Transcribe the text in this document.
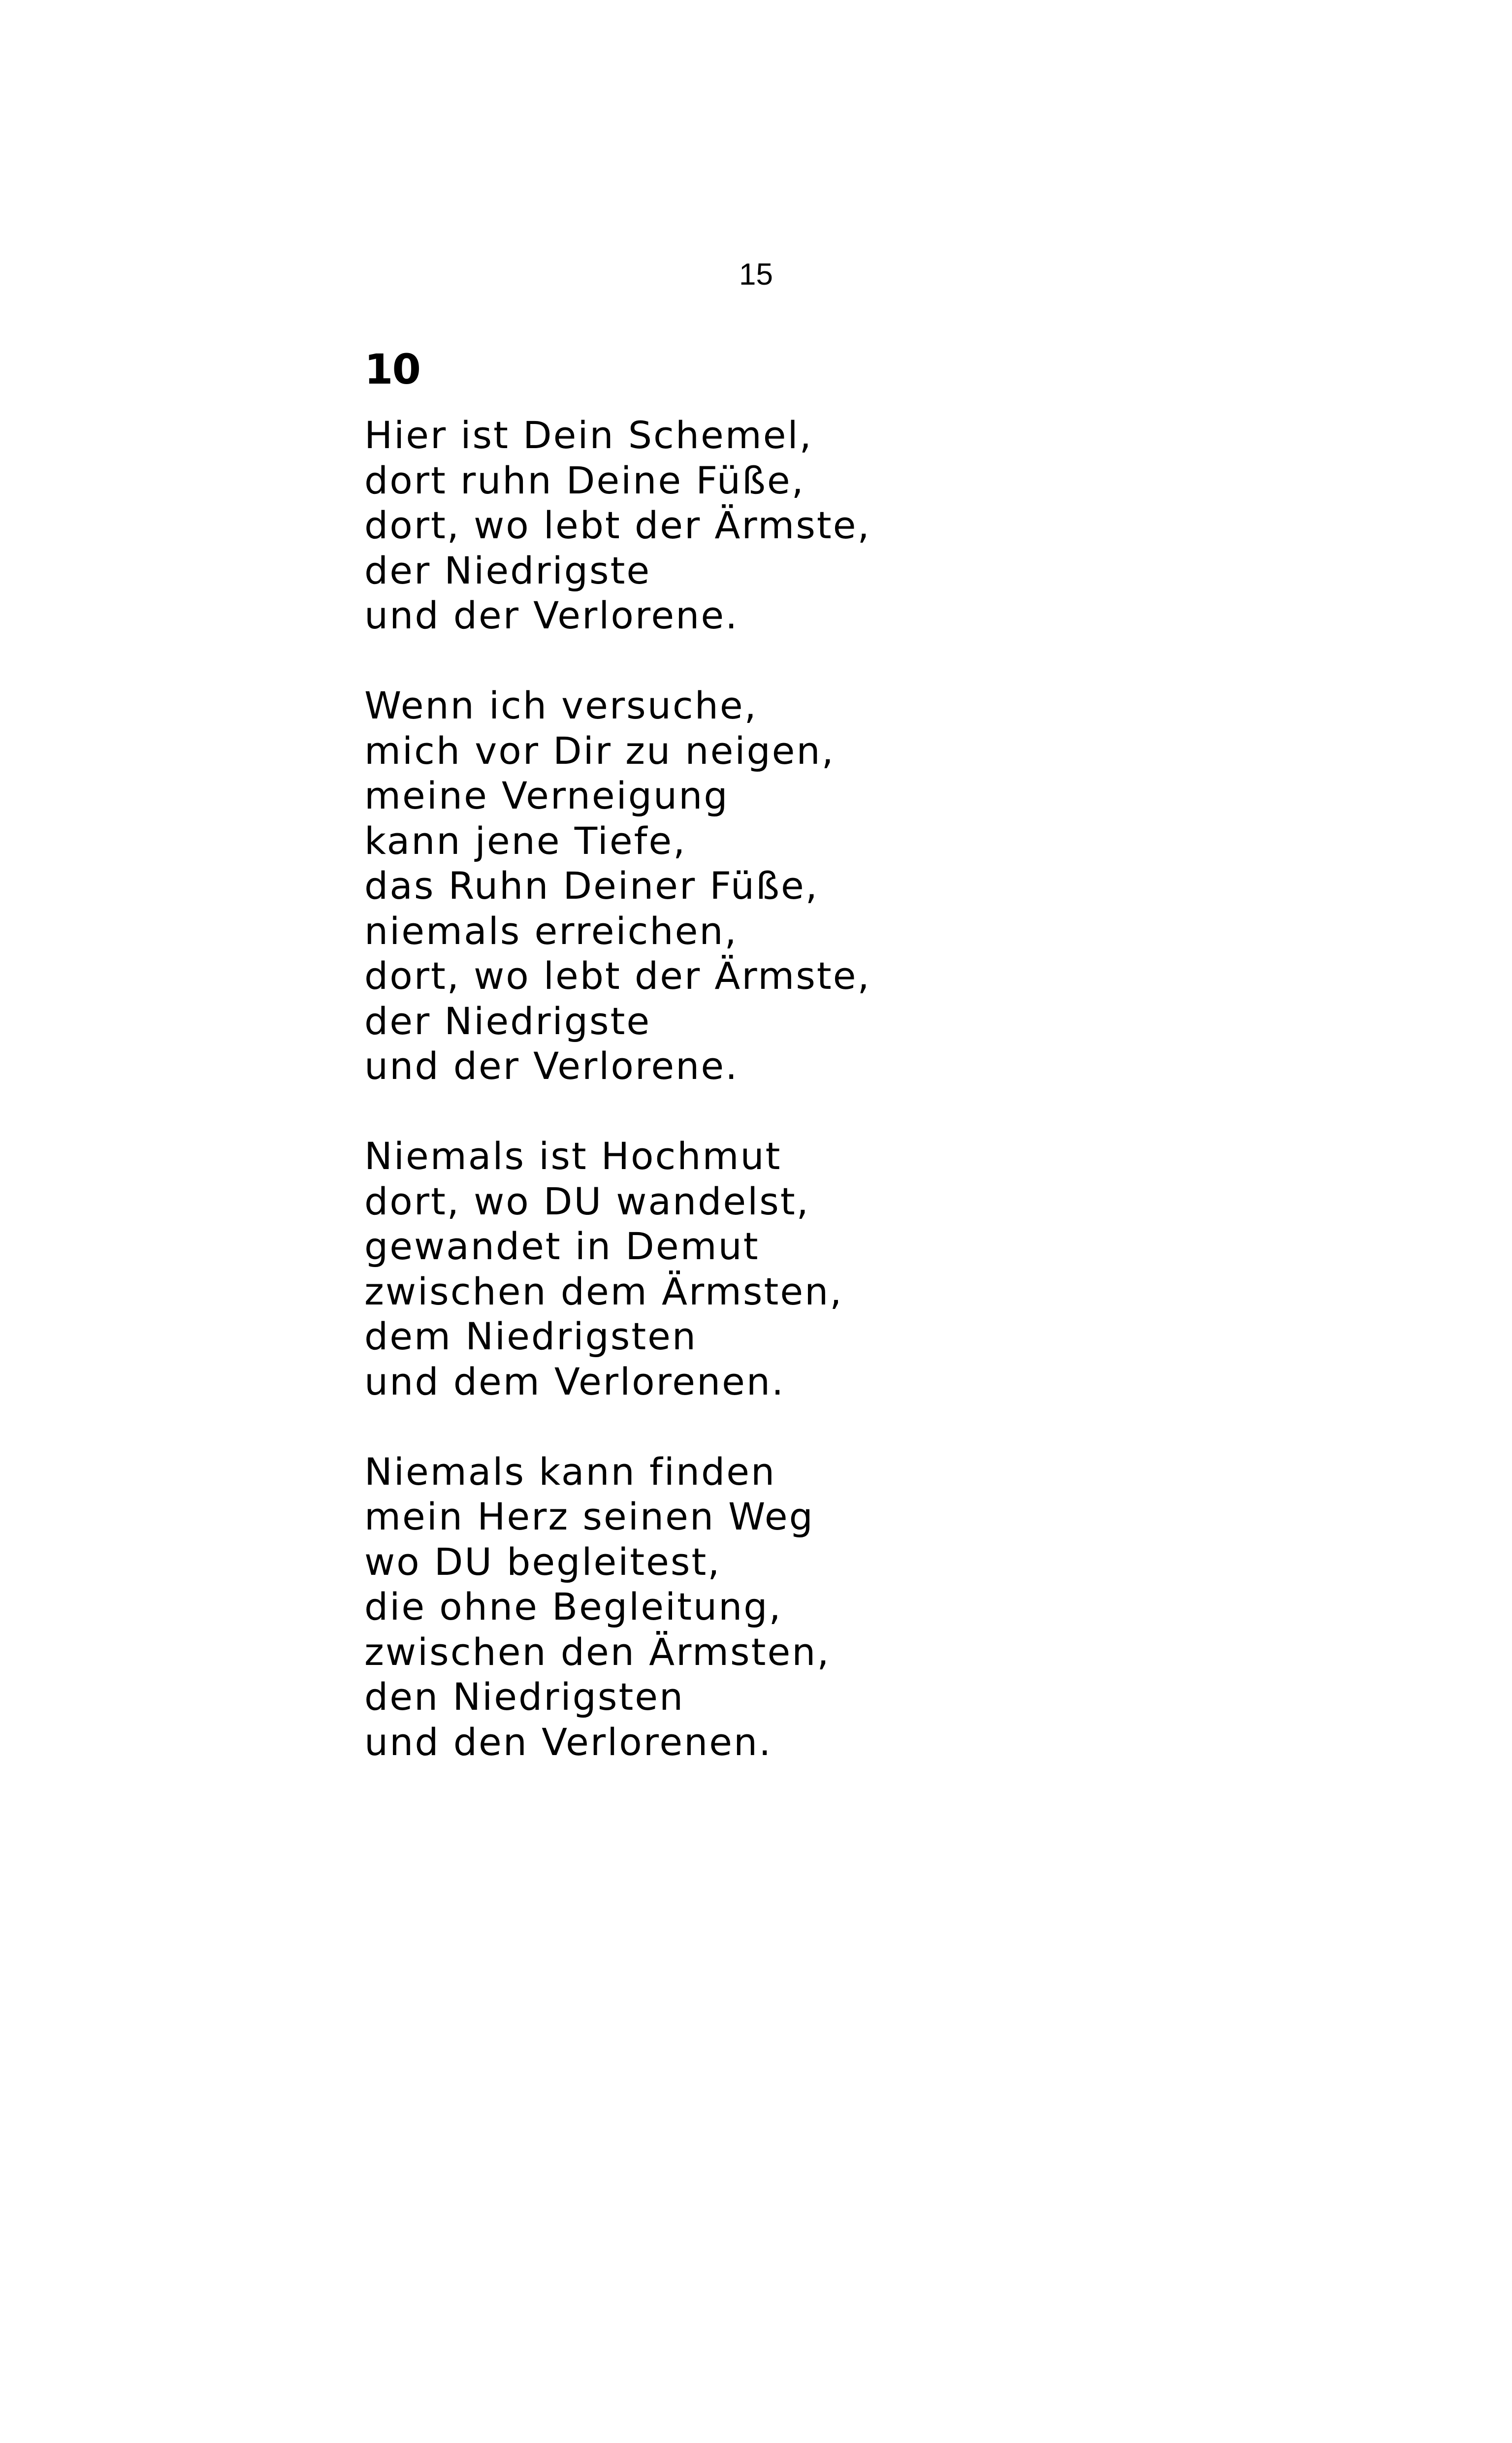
15
10
Hier ist Dein Schemel,
dort ruhn Deine Füße,
dort, wo lebt der Ärmste,
der Niedrigste
und der Verlorene.
Wenn ich versuche,
mich vor Dir zu neigen,
meine Verneigung
kann jene Tiefe,
das Ruhn Deiner Füße,
niemals erreichen,
dort, wo lebt der Ärmste,
der Niedrigste
und der Verlorene.
Niemals ist Hochmut
dort, wo DU wandelst,
gewandet in Demut
zwischen dem Ärmsten,
dem Niedrigsten
und dem Verlorenen.
Niemals kann finden
mein Herz seinen Weg
wo DU begleitest,
die ohne Begleitung,
zwischen den Ärmsten,
den Niedrigsten
und den Verlorenen.
